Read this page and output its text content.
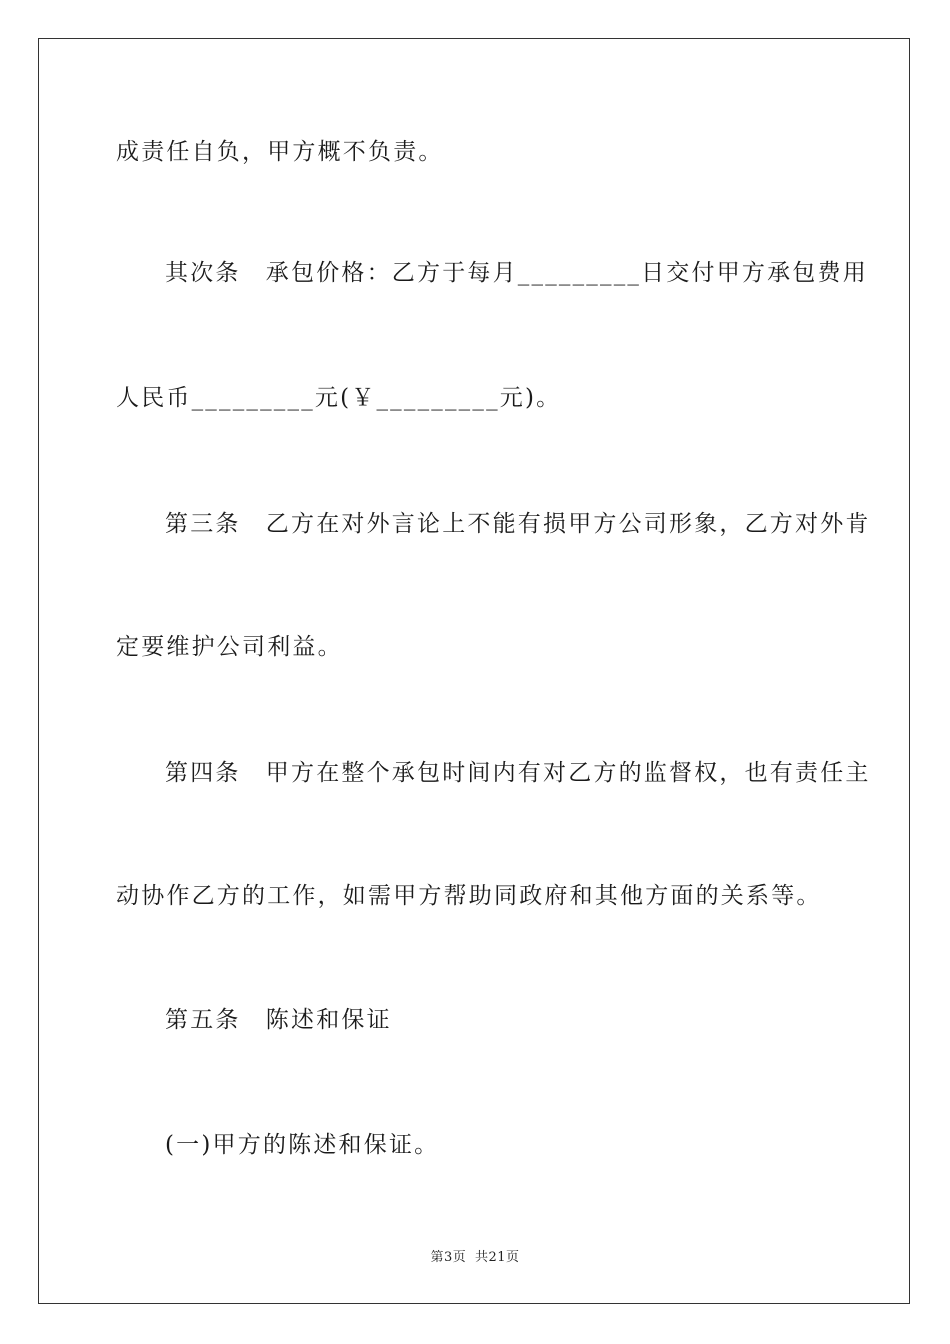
成责任自负，甲方概不负责。
其次条　承包价格：乙方于每月_________日交付甲方承包费用
人民币_________元(￥_________元)。
第三条　乙方在对外言论上不能有损甲方公司形象，乙方对外肯
定要维护公司利益。
第四条　甲方在整个承包时间内有对乙方的监督权，也有责任主
动协作乙方的工作，如需甲方帮助同政府和其他方面的关系等。
第五条　陈述和保证
(一)甲方的陈述和保证。
第3页 共21页
